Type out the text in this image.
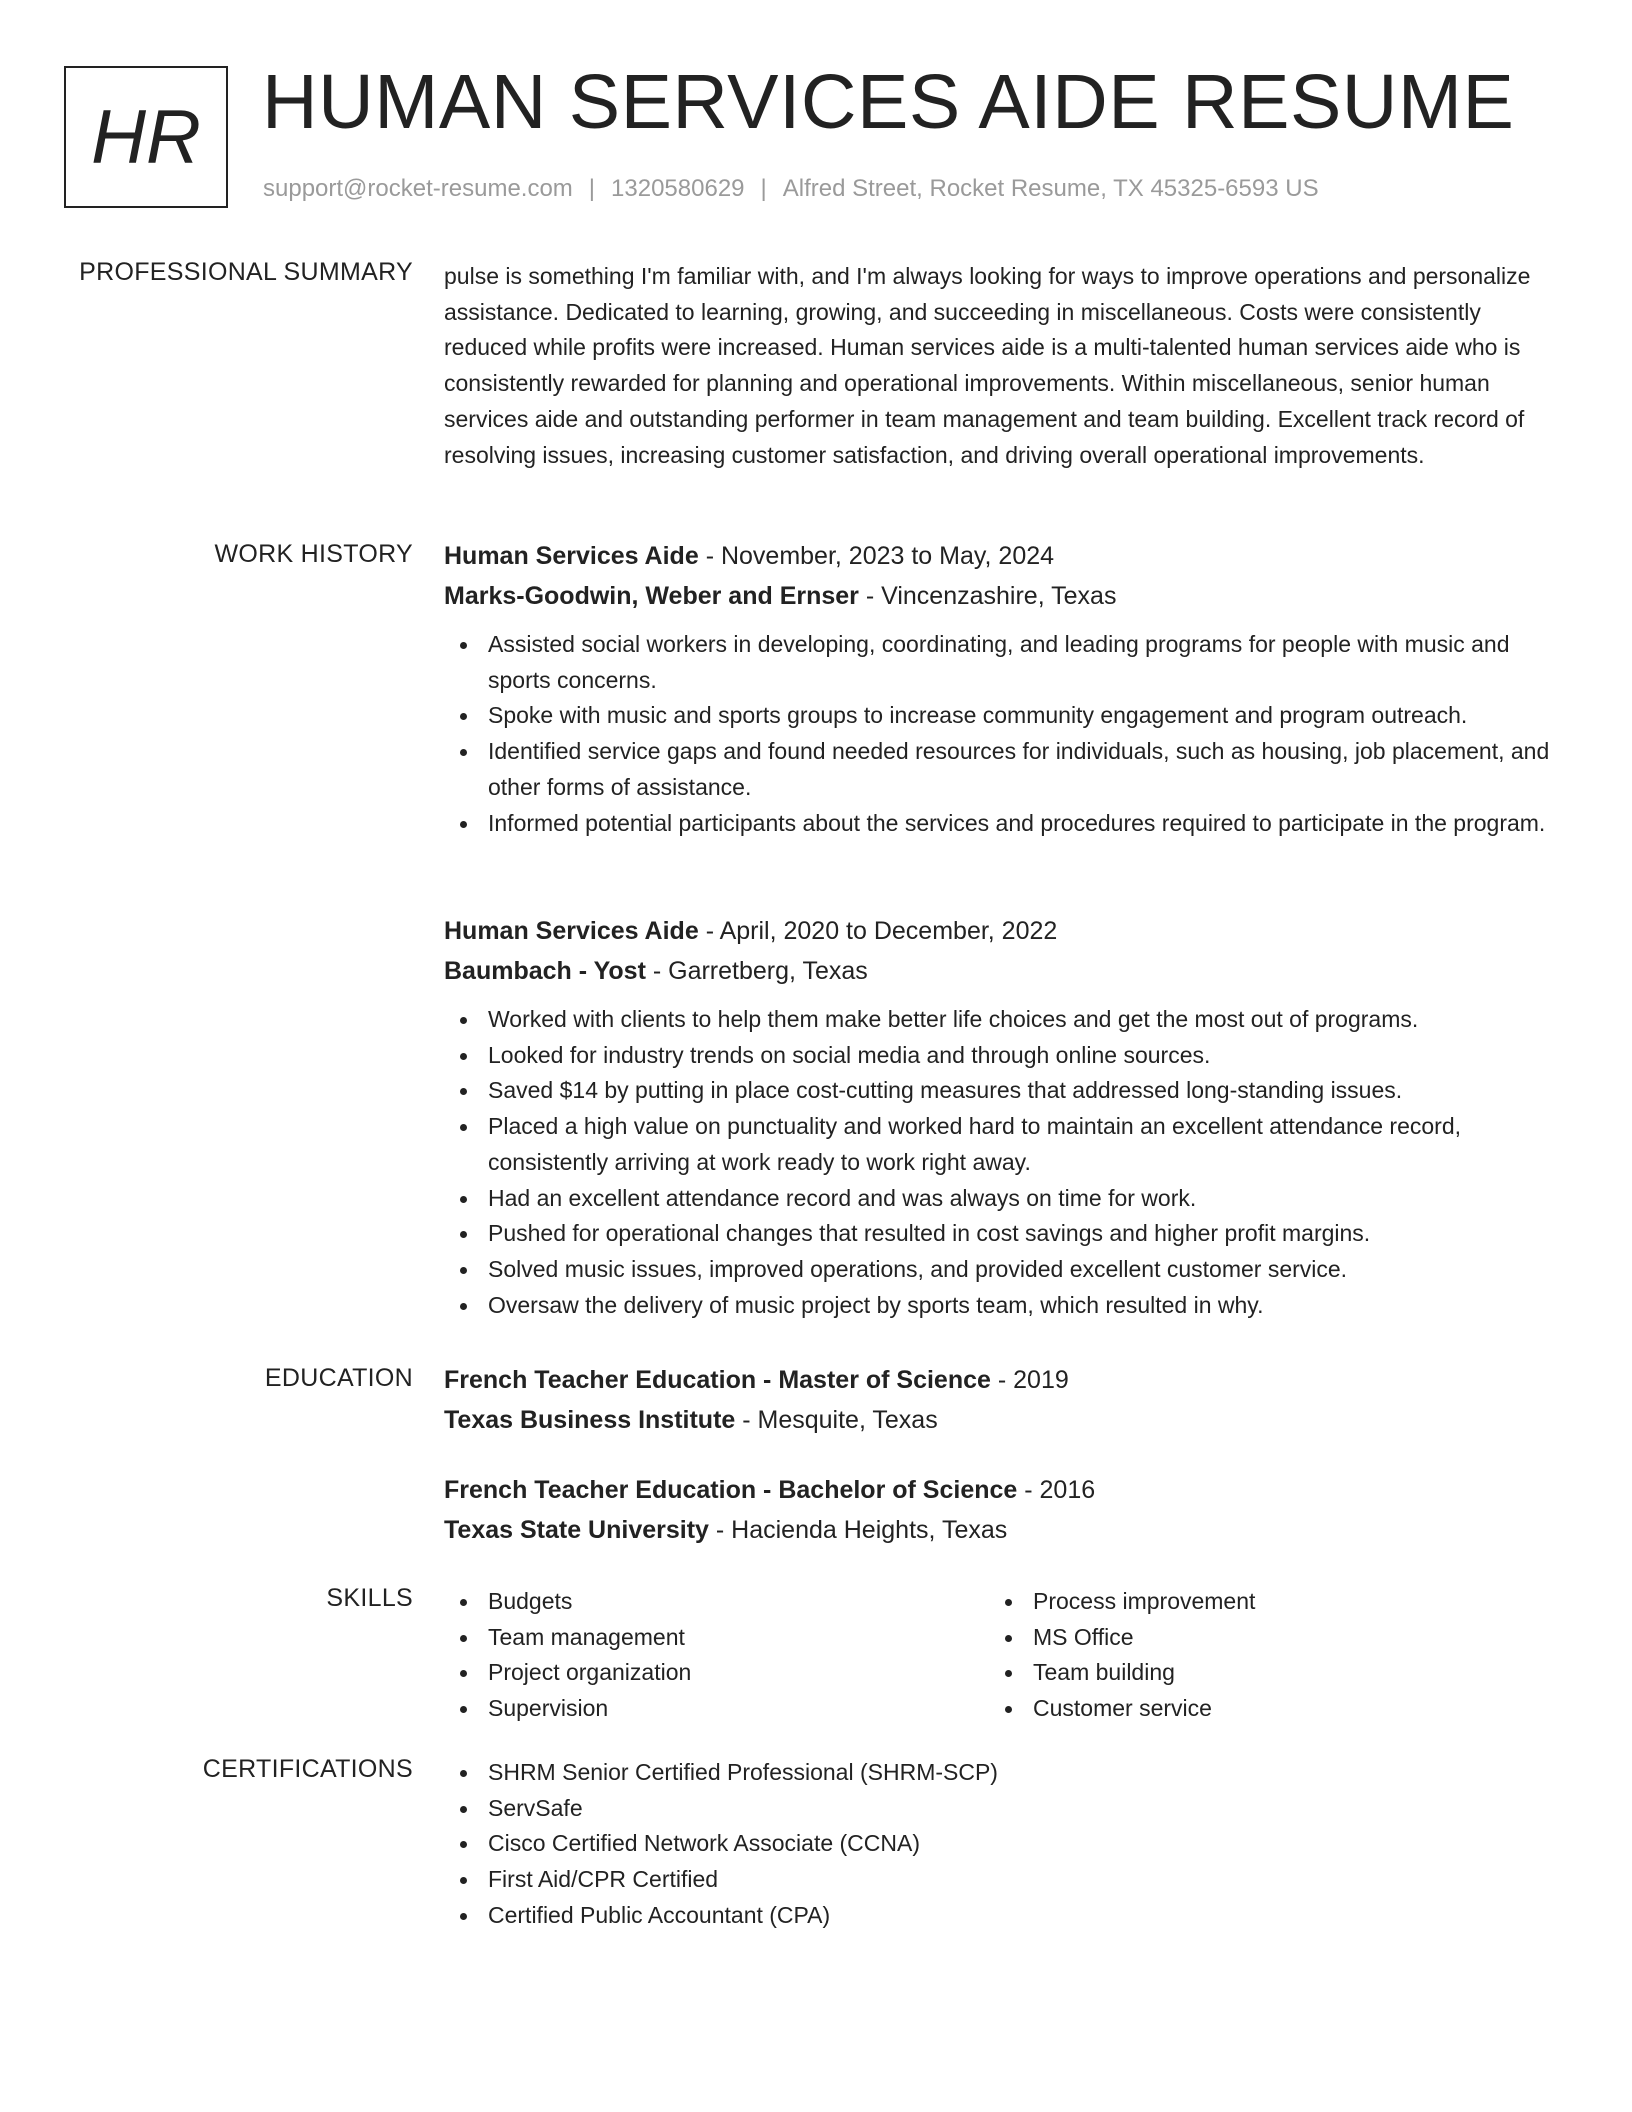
HR HUMAN SERVICES AIDE RESUME
support@rocket-resume.com | 1320580629 | Alfred Street, Rocket Resume, TX 45325-6593 US
PROFESSIONAL SUMMARY pulse is something I'm familiar with, and I'm always looking for ways to improve operations and personalize assistance. Dedicated to learning, growing, and succeeding in miscellaneous. Costs were consistently reduced while profits were increased. Human services aide is a multi-talented human services aide who is consistently rewarded for planning and operational improvements. Within miscellaneous, senior human services aide and outstanding performer in team management and team building. Excellent track record of resolving issues, increasing customer satisfaction, and driving overall operational improvements.

WORK HISTORY Human Services Aide - November, 2023 to May, 2024
Marks-Goodwin, Weber and Ernser - Vincenzashire, Texas
Assisted social workers in developing, coordinating, and leading programs for people with music and sports concerns.
Spoke with music and sports groups to increase community engagement and program outreach.
Identified service gaps and found needed resources for individuals, such as housing, job placement, and other forms of assistance.
Informed potential participants about the services and procedures required to participate in the program.
Human Services Aide - April, 2020 to December, 2022
Baumbach - Yost - Garretberg, Texas
Worked with clients to help them make better life choices and get the most out of programs.
Looked for industry trends on social media and through online sources.
Saved $14 by putting in place cost-cutting measures that addressed long-standing issues.
Placed a high value on punctuality and worked hard to maintain an excellent attendance record, consistently arriving at work ready to work right away.
Had an excellent attendance record and was always on time for work.
Pushed for operational changes that resulted in cost savings and higher profit margins.
Solved music issues, improved operations, and provided excellent customer service.
Oversaw the delivery of music project by sports team, which resulted in why.
EDUCATION French Teacher Education - Master of Science - 2019
Texas Business Institute - Mesquite, Texas
French Teacher Education - Bachelor of Science - 2016
Texas State University - Hacienda Heights, Texas
SKILLS	Budgets
Team management
Project organization
Supervision
Process improvement
MS Office
Team building
Customer service
CERTIFICATIONS	SHRM Senior Certified Professional (SHRM-SCP)
ServSafe
Cisco Certified Network Associate (CCNA)
First Aid/CPR Certified
Certified Public Accountant (CPA)
